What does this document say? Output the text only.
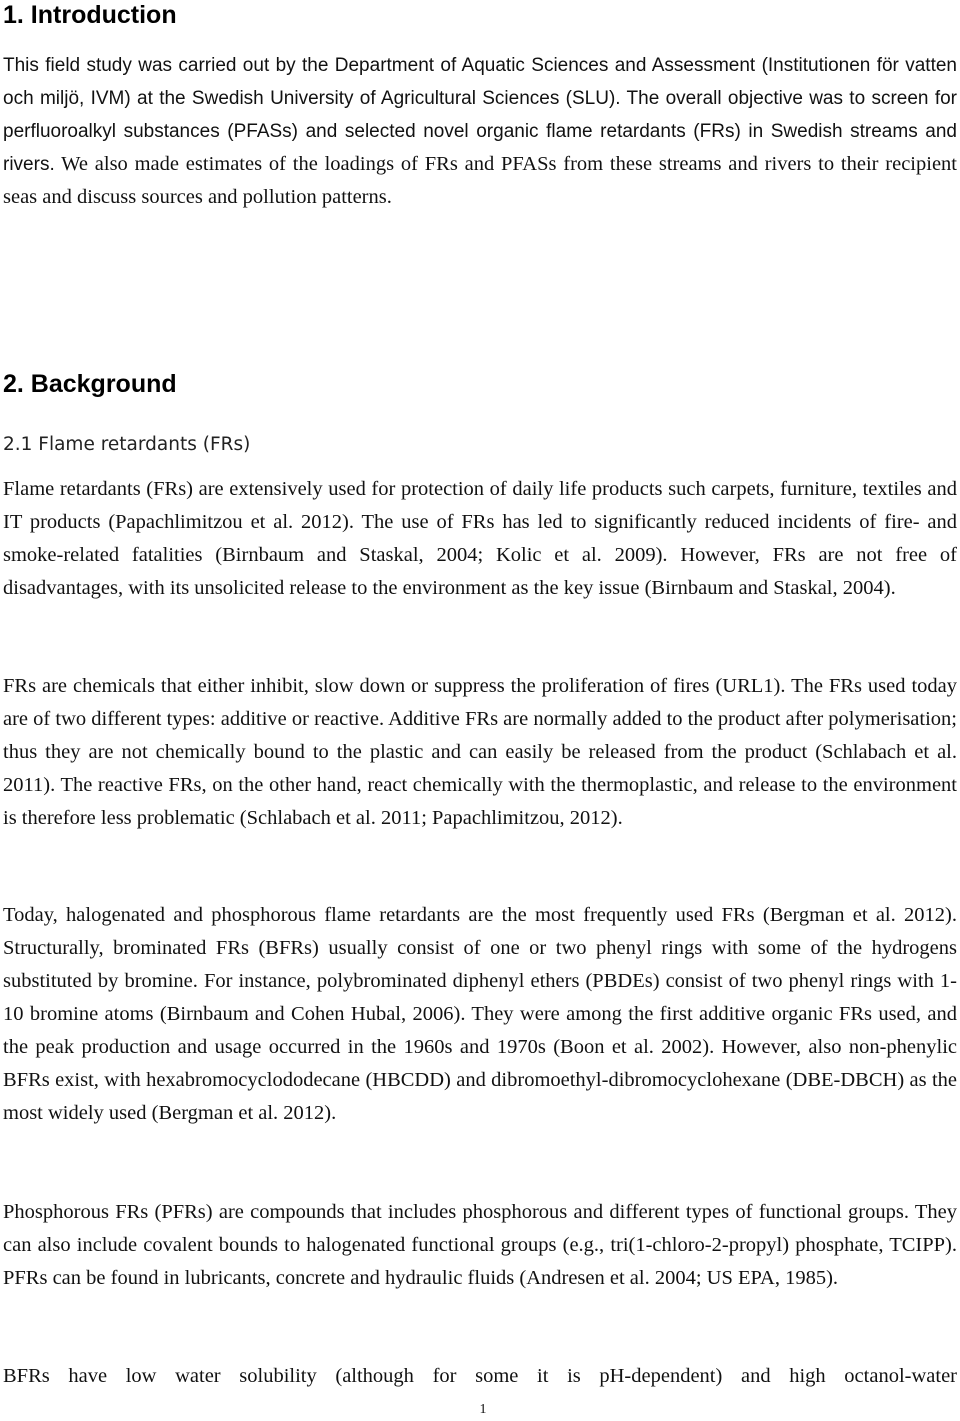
1. Introduction

This field study was carried out by the Department of Aquatic Sciences and Assessment (Institutionen för vatten och miljö, IVM) at the Swedish University of Agricultural Sciences (SLU). The overall objective was to screen for perfluoroalkyl substances (PFASs) and selected novel organic flame retardants (FRs) in Swedish streams and rivers. We also made estimates of the loadings of FRs and PFASs from these streams and rivers to their recipient seas and discuss sources and pollution patterns.

2. Background
2.1 Flame retardants (FRs)

Flame retardants (FRs) are extensively used for protection of daily life products such carpets, furniture, textiles and IT products (Papachlimitzou et al. 2012). The use of FRs has led to significantly reduced incidents of fire- and smoke-related fatalities (Birnbaum and Staskal, 2004; Kolic et al. 2009). However, FRs are not free of disadvantages, with its unsolicited release to the environment as the key issue (Birnbaum and Staskal, 2004).

FRs are chemicals that either inhibit, slow down or suppress the proliferation of fires (URL1). The FRs used today are of two different types: additive or reactive. Additive FRs are normally added to the product after polymerisation; thus they are not chemically bound to the plastic and can easily be released from the product (Schlabach et al. 2011). The reactive FRs, on the other hand, react chemically with the thermoplastic, and release to the environment is therefore less problematic (Schlabach et al. 2011; Papachlimitzou, 2012).

Today, halogenated and phosphorous flame retardants are the most frequently used FRs (Bergman et al. 2012). Structurally, brominated FRs (BFRs) usually consist of one or two phenyl rings with some of the hydrogens substituted by bromine. For instance, polybrominated diphenyl ethers (PBDEs) consist of two phenyl rings with 1-10 bromine atoms (Birnbaum and Cohen Hubal, 2006). They were among the first additive organic FRs used, and the peak production and usage occurred in the 1960s and 1970s (Boon et al. 2002). However, also non-phenylic BFRs exist, with hexabromocyclododecane (HBCDD) and dibromoethyl-dibromocyclohexane (DBE-DBCH) as the most widely used (Bergman et al. 2012).

Phosphorous FRs (PFRs) are compounds that includes phosphorous and different types of functional groups. They can also include covalent bounds to halogenated functional groups (e.g., tri(1-chloro-2-propyl) phosphate, TCIPP). PFRs can be found in lubricants, concrete and hydraulic fluids (Andresen et al. 2004; US EPA, 1985).

BFRs have low water solubility (although for some it is pH-dependent) and high octanol-water

1
